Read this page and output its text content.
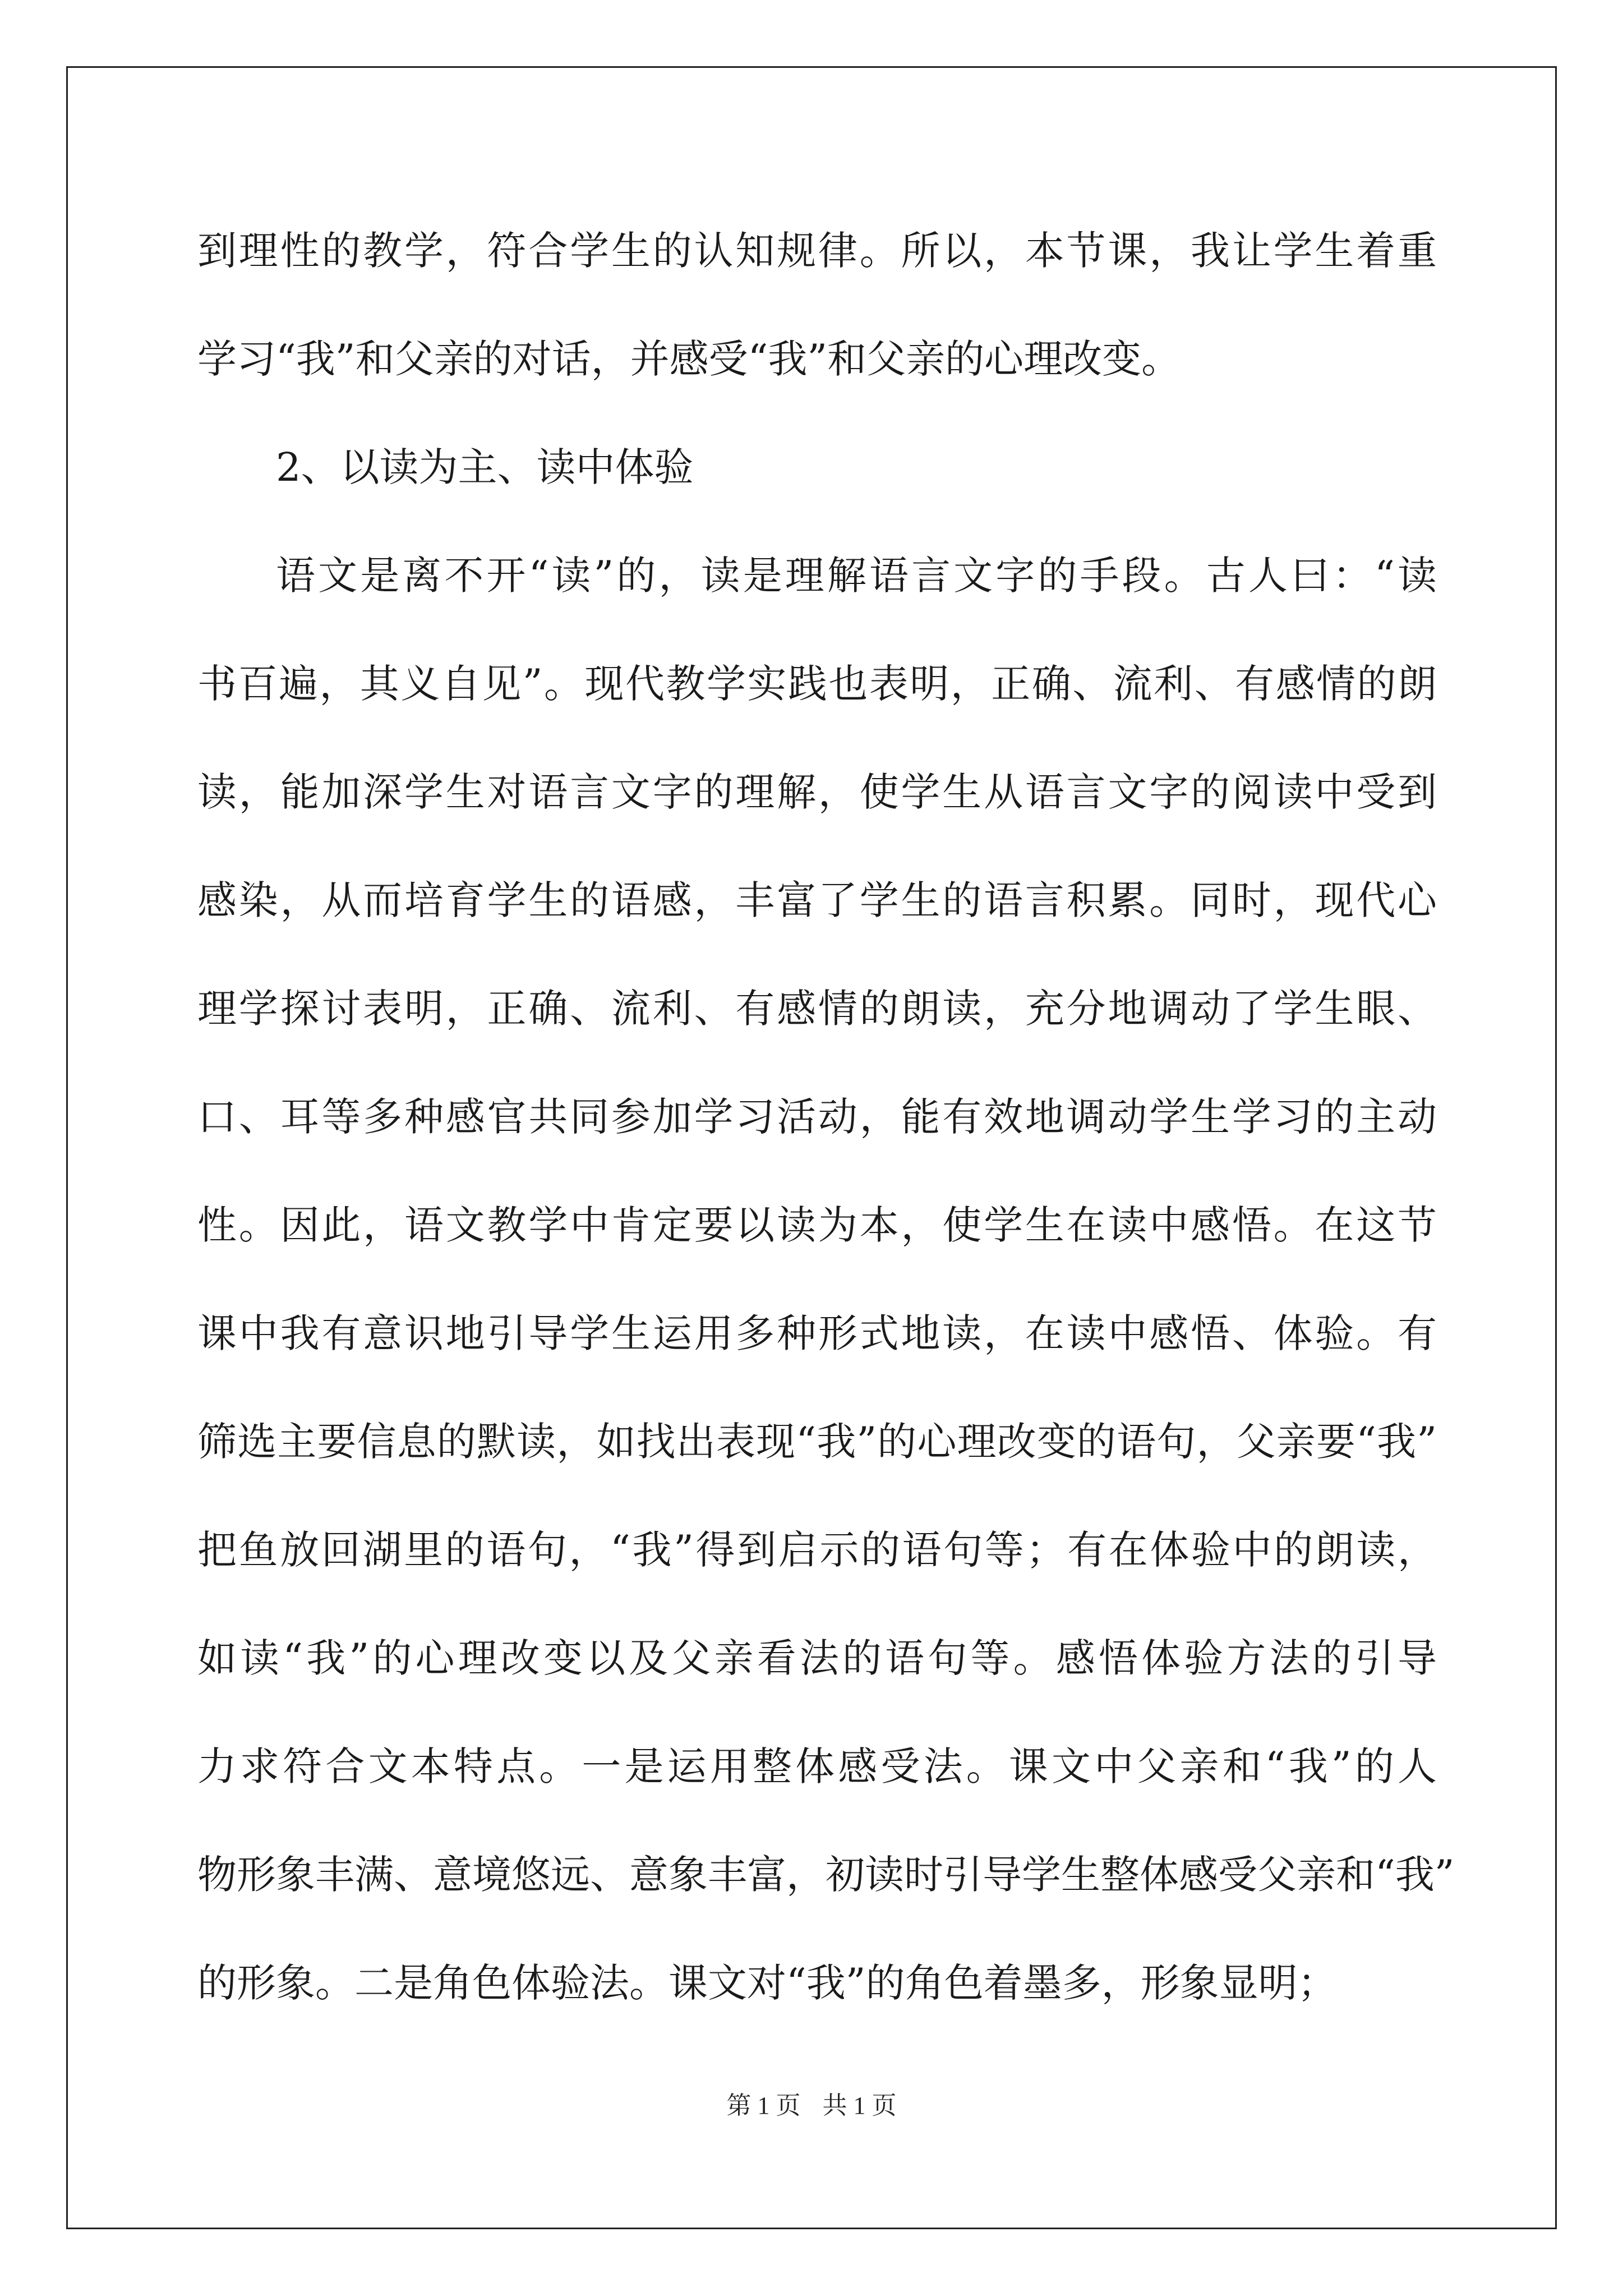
到理性的教学，符合学生的认知规律。所以，本节课，我让学生着重
学习“我”和父亲的对话，并感受“我”和父亲的心理改变。
2、以读为主、读中体验
语文是离不开“读”的，读是理解语言文字的手段。古人曰：“读
书百遍，其义自见”。现代教学实践也表明，正确、流利、有感情的朗
读，能加深学生对语言文字的理解，使学生从语言文字的阅读中受到
感染，从而培育学生的语感，丰富了学生的语言积累。同时，现代心
理学探讨表明，正确、流利、有感情的朗读，充分地调动了学生眼、
口、耳等多种感官共同参加学习活动，能有效地调动学生学习的主动
性。因此，语文教学中肯定要以读为本，使学生在读中感悟。在这节
课中我有意识地引导学生运用多种形式地读，在读中感悟、体验。有
筛选主要信息的默读，如找出表现“我”的心理改变的语句，父亲要“我”
把鱼放回湖里的语句，“我”得到启示的语句等；有在体验中的朗读，
如读“我”的心理改变以及父亲看法的语句等。感悟体验方法的引导
力求符合文本特点。一是运用整体感受法。课文中父亲和“我”的人
物形象丰满、意境悠远、意象丰富，初读时引导学生整体感受父亲和“我”
的形象。二是角色体验法。课文对“我”的角色着墨多，形象显明；
第 1 页 共 1 页
